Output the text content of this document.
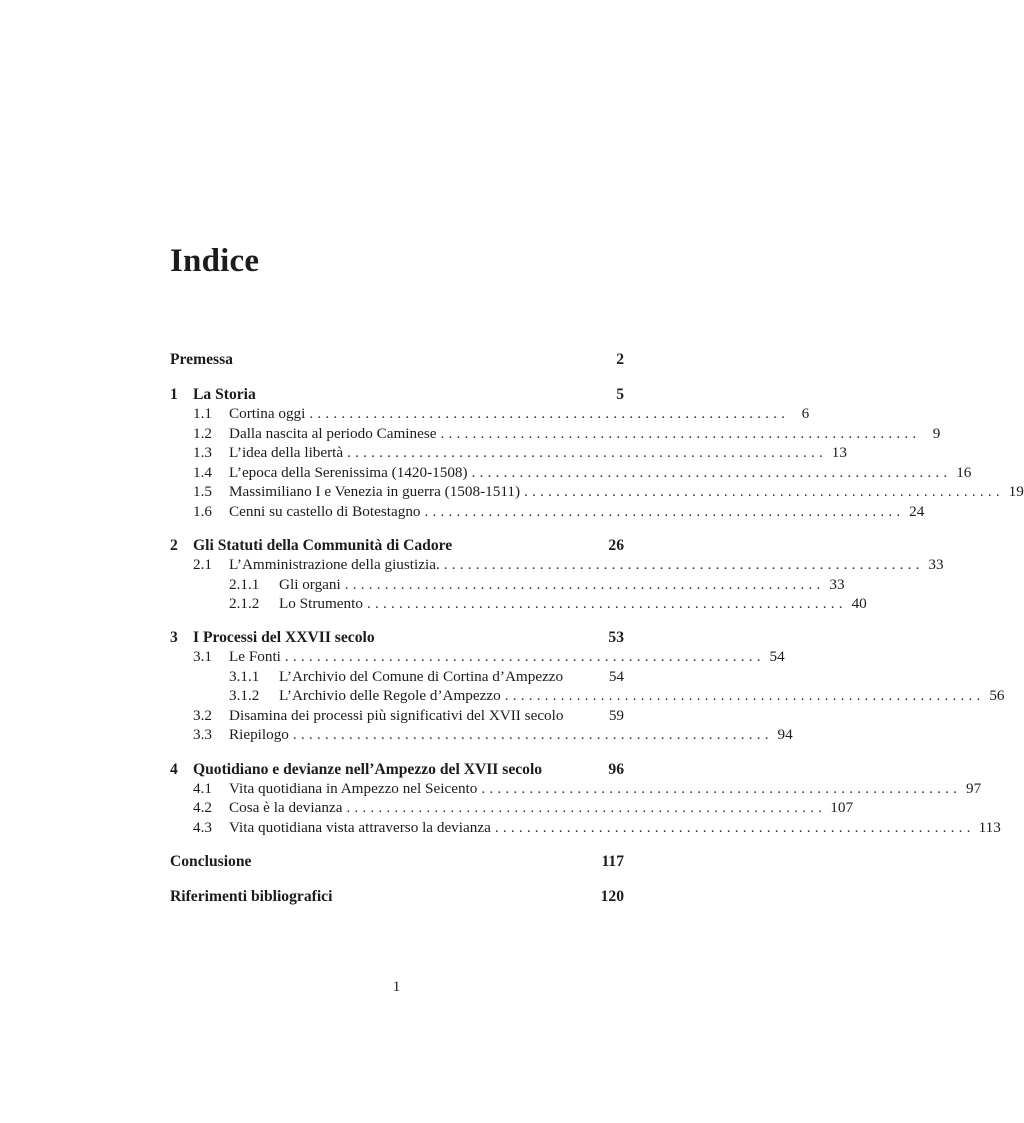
Indice
Premessa	2
1 La Storia	5
1.1	Cortina oggi ............................................................ 6
1.2	Dalla nascita al periodo Caminese ............................................................ 9
1.3	L’idea della libertà ............................................................ 13
1.4	L’epoca della Serenissima (1420-1508) ............................................................ 16
1.5	Massimiliano I e Venezia in guerra (1508-1511) ............................................................ 19
1.6	Cenni su castello di Botestagno ............................................................ 24
2 Gli Statuti della Communità di Cadore	26
2.1	L’Amministrazione della giustizia. ............................................................ 33
2.1.1	Gli organi ............................................................ 33
2.1.2	Lo Strumento ............................................................ 40
3 I Processi del XXVII secolo	53
3.1	Le Fonti ............................................................ 54
3.1.1	L’Archivio del Comune di Cortina d’Ampezzo	54
3.1.2	L’Archivio delle Regole d’Ampezzo ............................................................ 56
3.2	Disamina dei processi più significativi del XVII secolo	59
3.3	Riepilogo ............................................................ 94
4 Quotidiano e devianze nell’Ampezzo del XVII secolo	96
4.1	Vita quotidiana in Ampezzo nel Seicento ............................................................ 97
4.2	Cosa è la devianza ............................................................ 107
4.3	Vita quotidiana vista attraverso la devianza ............................................................ 113
Conclusione	117
Riferimenti bibliografici	120
1
